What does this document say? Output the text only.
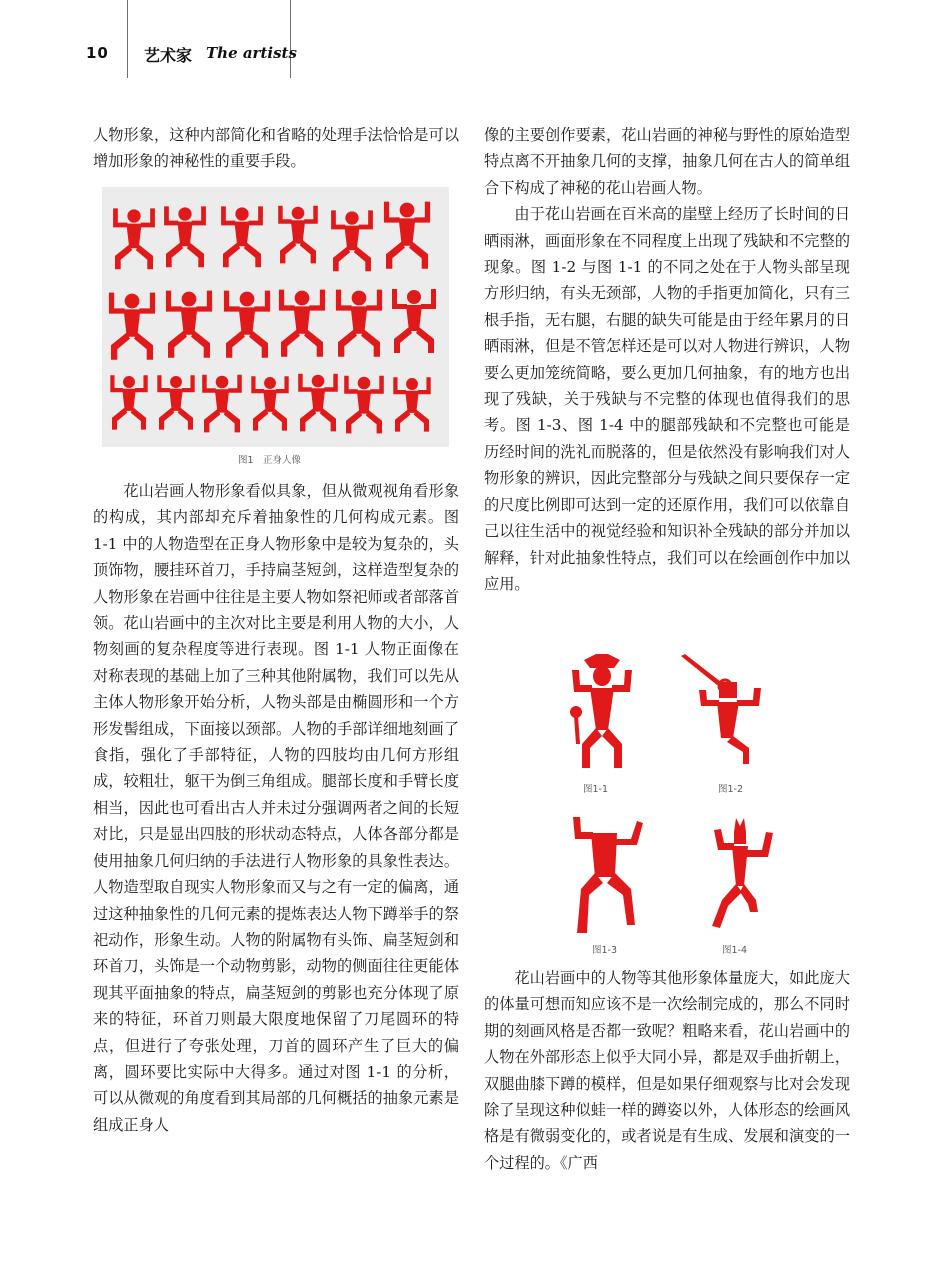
10 艺术家 The artists

人物形象，这种内部简化和省略的处理手法恰恰是可以增加形象的神秘性的重要手段。

图1　正身人像

花山岩画人物形象看似具象，但从微观视角看形象的构成，其内部却充斥着抽象性的几何构成元素。图 1-1 中的人物造型在正身人物形象中是较为复杂的，头顶饰物，腰挂环首刀，手持扁茎短剑，这样造型复杂的人物形象在岩画中往往是主要人物如祭祀师或者部落首领。花山岩画中的主次对比主要是利用人物的大小，人物刻画的复杂程度等进行表现。图 1-1 人物正面像在对称表现的基础上加了三种其他附属物，我们可以先从主体人物形象开始分析，人物头部是由椭圆形和一个方形发髻组成，下面接以颈部。人物的手部详细地刻画了食指，强化了手部特征，人物的四肢均由几何方形组成，较粗壮，躯干为倒三角组成。腿部长度和手臂长度相当，因此也可看出古人并未过分强调两者之间的长短对比，只是显出四肢的形状动态特点，人体各部分都是使用抽象几何归纳的手法进行人物形象的具象性表达。人物造型取自现实人物形象而又与之有一定的偏离，通过这种抽象性的几何元素的提炼表达人物下蹲举手的祭祀动作，形象生动。人物的附属物有头饰、扁茎短剑和环首刀，头饰是一个动物剪影，动物的侧面往往更能体现其平面抽象的特点，扁茎短剑的剪影也充分体现了原来的特征，环首刀则最大限度地保留了刀尾圆环的特点，但进行了夸张处理，刀首的圆环产生了巨大的偏离，圆环要比实际中大得多。通过对图 1-1 的分析，可以从微观的角度看到其局部的几何概括的抽象元素是组成正身人

像的主要创作要素，花山岩画的神秘与野性的原始造型特点离不开抽象几何的支撑，抽象几何在古人的简单组合下构成了神秘的花山岩画人物。

由于花山岩画在百米高的崖壁上经历了长时间的日晒雨淋，画面形象在不同程度上出现了残缺和不完整的现象。图 1-2 与图 1-1 的不同之处在于人物头部呈现方形归纳，有头无颈部，人物的手指更加简化，只有三根手指，无右腿，右腿的缺失可能是由于经年累月的日晒雨淋，但是不管怎样还是可以对人物进行辨识，人物要么更加笼统简略，要么更加几何抽象，有的地方也出现了残缺，关于残缺与不完整的体现也值得我们的思考。图 1-3、图 1-4 中的腿部残缺和不完整也可能是历经时间的洗礼而脱落的，但是依然没有影响我们对人物形象的辨识，因此完整部分与残缺之间只要保存一定的尺度比例即可达到一定的还原作用，我们可以依靠自己以往生活中的视觉经验和知识补全残缺的部分并加以解释，针对此抽象性特点，我们可以在绘画创作中加以应用。

图1-1	图1-2
图1-3	图1-4

花山岩画中的人物等其他形象体量庞大，如此庞大的体量可想而知应该不是一次绘制完成的，那么不同时期的刻画风格是否都一致呢？粗略来看，花山岩画中的人物在外部形态上似乎大同小异，都是双手曲折朝上，双腿曲膝下蹲的模样，但是如果仔细观察与比对会发现除了呈现这种似蛙一样的蹲姿以外，人体形态的绘画风格是有微弱变化的，或者说是有生成、发展和演变的一个过程的。《广西
